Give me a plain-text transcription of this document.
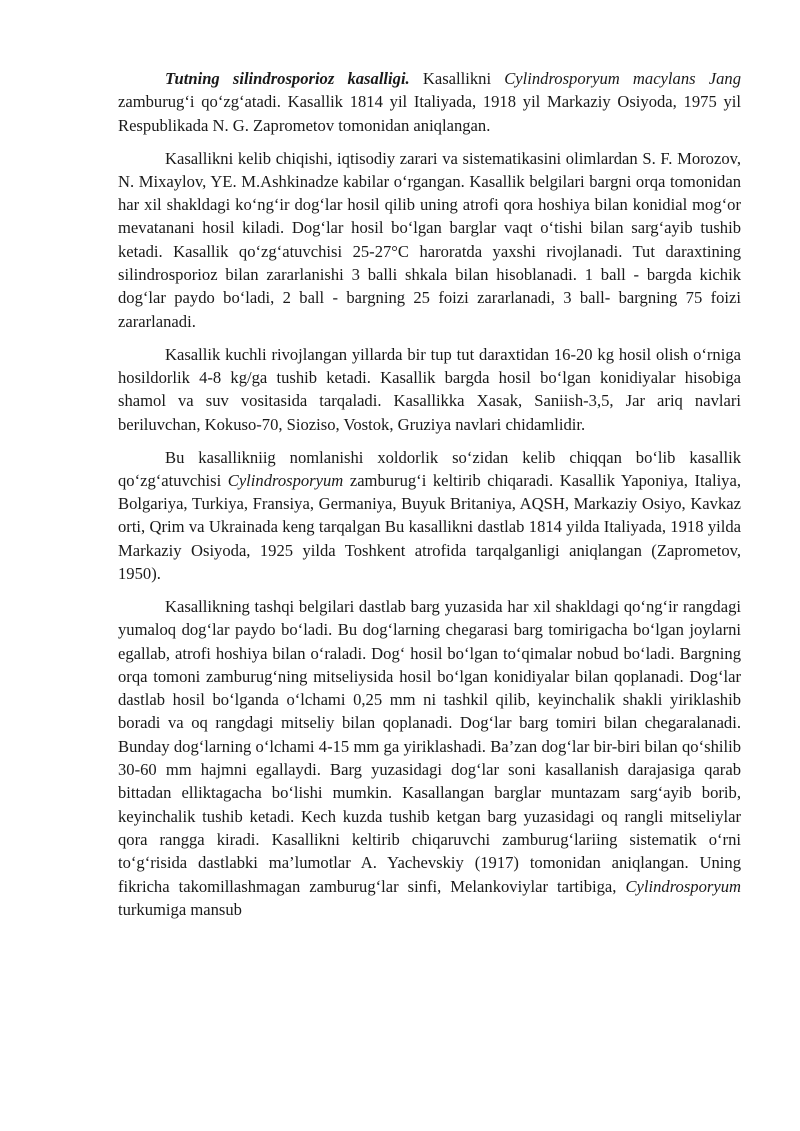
Tutning silindrosporioz kasalligi. Kasallikni Cylindrosporyum macylans Jang zamburug‘i qo‘zg‘atadi. Kasallik 1814 yil Italiyada, 1918 yil Markaziy Osiyoda, 1975 yil Respublikada N. G. Zaprometov tomonidan aniqlangan.

Kasallikni kelib chiqishi, iqtisodiy zarari va sistematikasini olimlardan S. F. Morozov, N. Mixaylov, YE. M.Ashkinadze kabilar o‘rgangan. Kasallik belgilari bargni orqa tomonidan har xil shakldagi ko‘ng‘ir dog‘lar hosil qilib uning atrofi qora hoshiya bilan konidial mog‘or mevatanani hosil kiladi. Dog‘lar hosil bo‘lgan barglar vaqt o‘tishi bilan sarg‘ayib tushib ketadi. Kasallik qo‘zg‘atuvchisi 25-27°C haroratda yaxshi rivojlanadi. Tut daraxtining silindrosporioz bilan zararlanishi 3 balli shkala bilan hisoblanadi. 1 ball - bargda kichik dog‘lar paydo bo‘ladi, 2 ball - bargning 25 foizi zararlanadi, 3 ball- bargning 75 foizi zararlanadi.

Kasallik kuchli rivojlangan yillarda bir tup tut daraxtidan 16-20 kg hosil olish o‘rniga hosildorlik 4-8 kg/ga tushib ketadi. Kasallik bargda hosil bo‘lgan konidiyalar hisobiga shamol va suv vositasida tarqaladi. Kasallikka Xasak, Saniish-3,5, Jar ariq navlari beriluvchan, Kokuso-70, Sioziso, Vostok, Gruziya navlari chidamlidir.

Bu kasallikniig nomlanishi xoldorlik so‘zidan kelib chiqqan bo‘lib kasallik qo‘zg‘atuvchisi Cylindrosporyum zamburug‘i keltirib chiqaradi. Kasallik Yaponiya, Italiya, Bolgariya, Turkiya, Fransiya, Germaniya, Buyuk Britaniya, AQSH, Markaziy Osiyo, Kavkaz orti, Qrim va Ukrainada keng tarqalgan Bu kasallikni dastlab 1814 yilda Italiyada, 1918 yilda Markaziy Osiyoda, 1925 yilda Toshkent atrofida tarqalganligi aniqlangan (Zaprometov, 1950).

Kasallikning tashqi belgilari dastlab barg yuzasida har xil shakldagi qo‘ng‘ir rangdagi yumaloq dog‘lar paydo bo‘ladi. Bu dog‘larning chegarasi barg tomirigacha bo‘lgan joylarni egallab, atrofi hoshiya bilan o‘raladi. Dog‘ hosil bo‘lgan to‘qimalar nobud bo‘ladi. Bargning orqa tomoni zamburug‘ning mitseliysida hosil bo‘lgan konidiyalar bilan qoplanadi. Dog‘lar dastlab hosil bo‘lganda o‘lchami 0,25 mm ni tashkil qilib, keyinchalik shakli yiriklashib boradi va oq rangdagi mitseliy bilan qoplanadi. Dog‘lar barg tomiri bilan chegaralanadi. Bunday dog‘larning o‘lchami 4-15 mm ga yiriklashadi. Ba’zan dog‘lar bir-biri bilan qo‘shilib 30-60 mm hajmni egallaydi. Barg yuzasidagi dog‘lar soni kasallanish darajasiga qarab bittadan elliktagacha bo‘lishi mumkin. Kasallangan barglar muntazam sarg‘ayib borib, keyinchalik tushib ketadi. Kech kuzda tushib ketgan barg yuzasidagi oq rangli mitseliylar qora rangga kiradi. Kasallikni keltirib chiqaruvchi zamburug‘lariing sistematik o‘rni to‘g‘risida dastlabki ma’lumotlar A. Yachevskiy (1917) tomonidan aniqlangan. Uning fikricha takomillashmagan zamburug‘lar sinfi, Melankoviylar tartibiga, Cylindrosporyum turkumiga mansub
